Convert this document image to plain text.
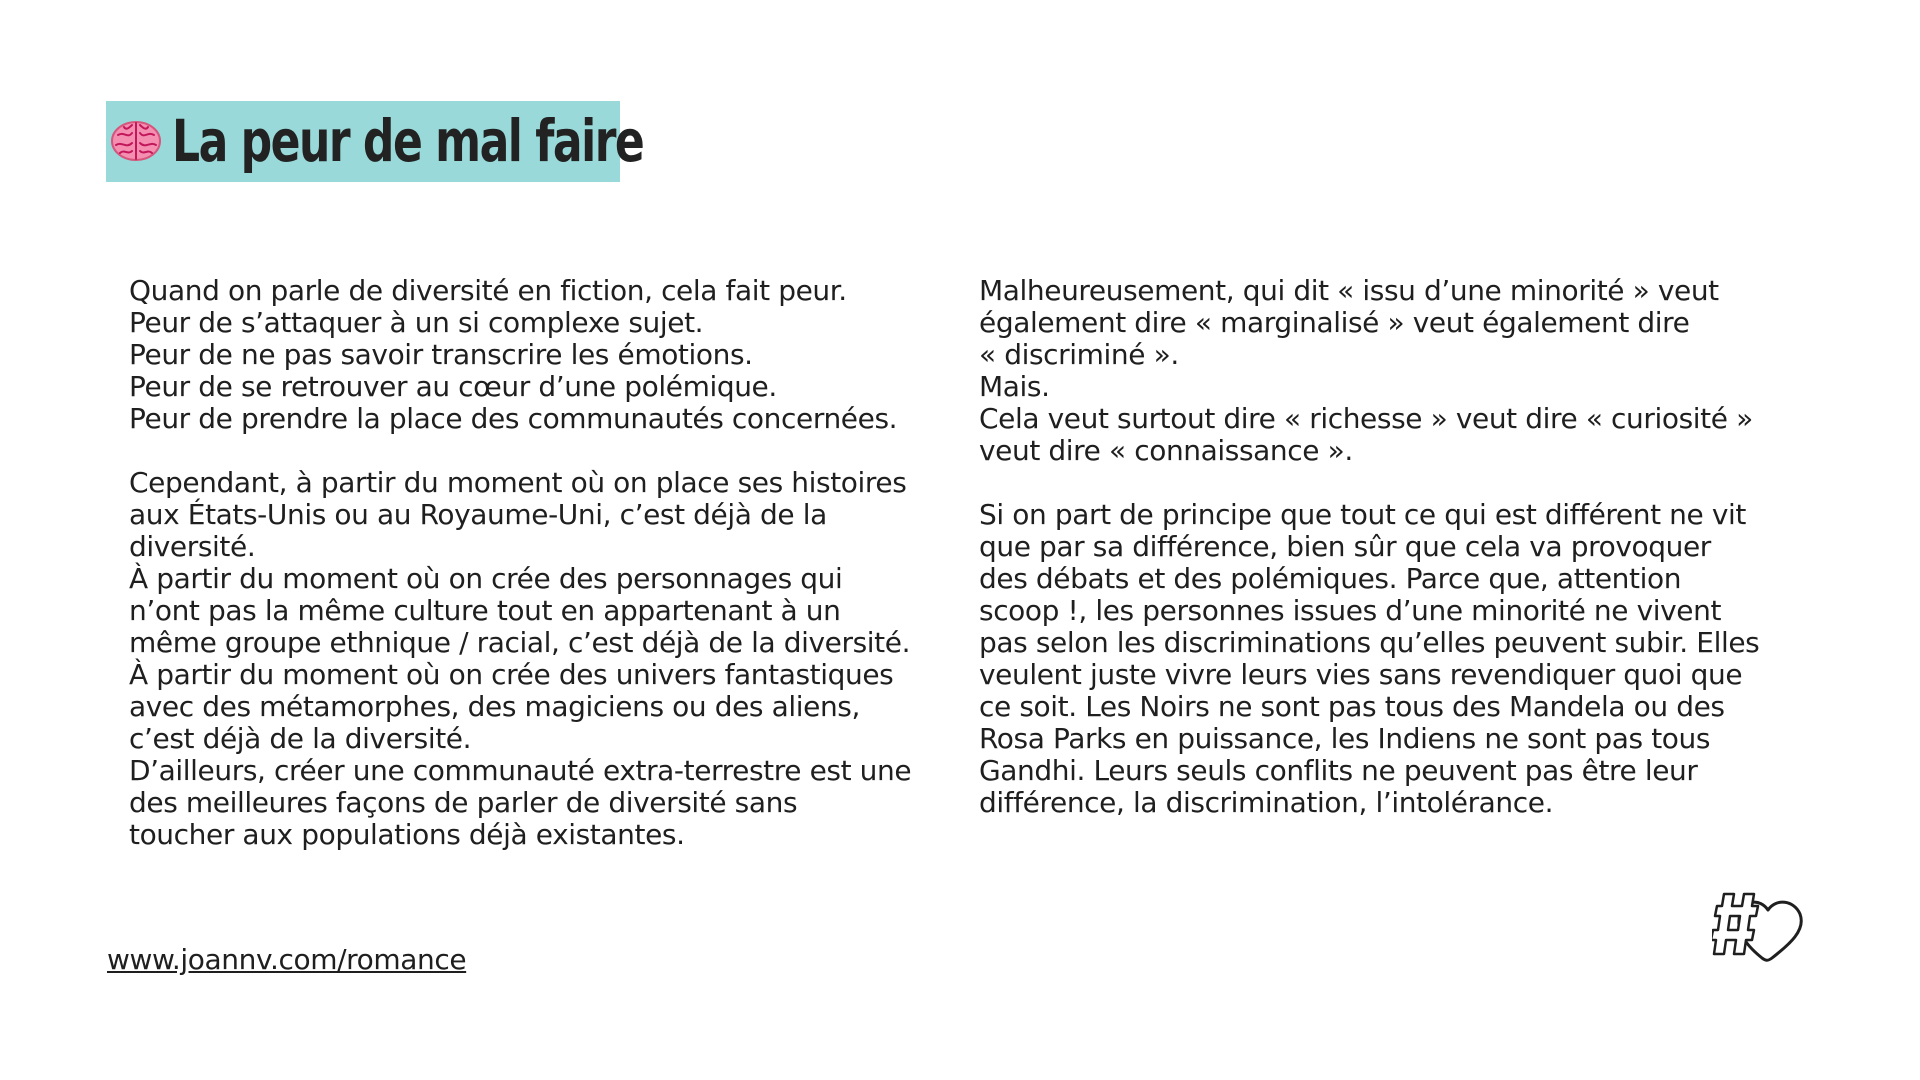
La peur de mal faire

Quand on parle de diversité en fiction, cela fait peur.
Peur de s’attaquer à un si complexe sujet.
Peur de ne pas savoir transcrire les émotions.
Peur de se retrouver au cœur d’une polémique.
Peur de prendre la place des communautés concernées.

Cependant, à partir du moment où on place ses histoires
aux États-Unis ou au Royaume-Uni, c’est déjà de la
diversité.
À partir du moment où on crée des personnages qui
n’ont pas la même culture tout en appartenant à un
même groupe ethnique / racial, c’est déjà de la diversité.
À partir du moment où on crée des univers fantastiques
avec des métamorphes, des magiciens ou des aliens,
c’est déjà de la diversité.
D’ailleurs, créer une communauté extra-terrestre est une
des meilleures façons de parler de diversité sans
toucher aux populations déjà existantes.

Malheureusement, qui dit « issu d’une minorité » veut
également dire « marginalisé » veut également dire
« discriminé ».
Mais.
Cela veut surtout dire « richesse » veut dire « curiosité »
veut dire « connaissance ».

Si on part de principe que tout ce qui est différent ne vit
que par sa différence, bien sûr que cela va provoquer
des débats et des polémiques. Parce que, attention
scoop !, les personnes issues d’une minorité ne vivent
pas selon les discriminations qu’elles peuvent subir. Elles
veulent juste vivre leurs vies sans revendiquer quoi que
ce soit. Les Noirs ne sont pas tous des Mandela ou des
Rosa Parks en puissance, les Indiens ne sont pas tous
Gandhi. Leurs seuls conflits ne peuvent pas être leur
différence, la discrimination, l’intolérance.

www.joannv.com/romance
